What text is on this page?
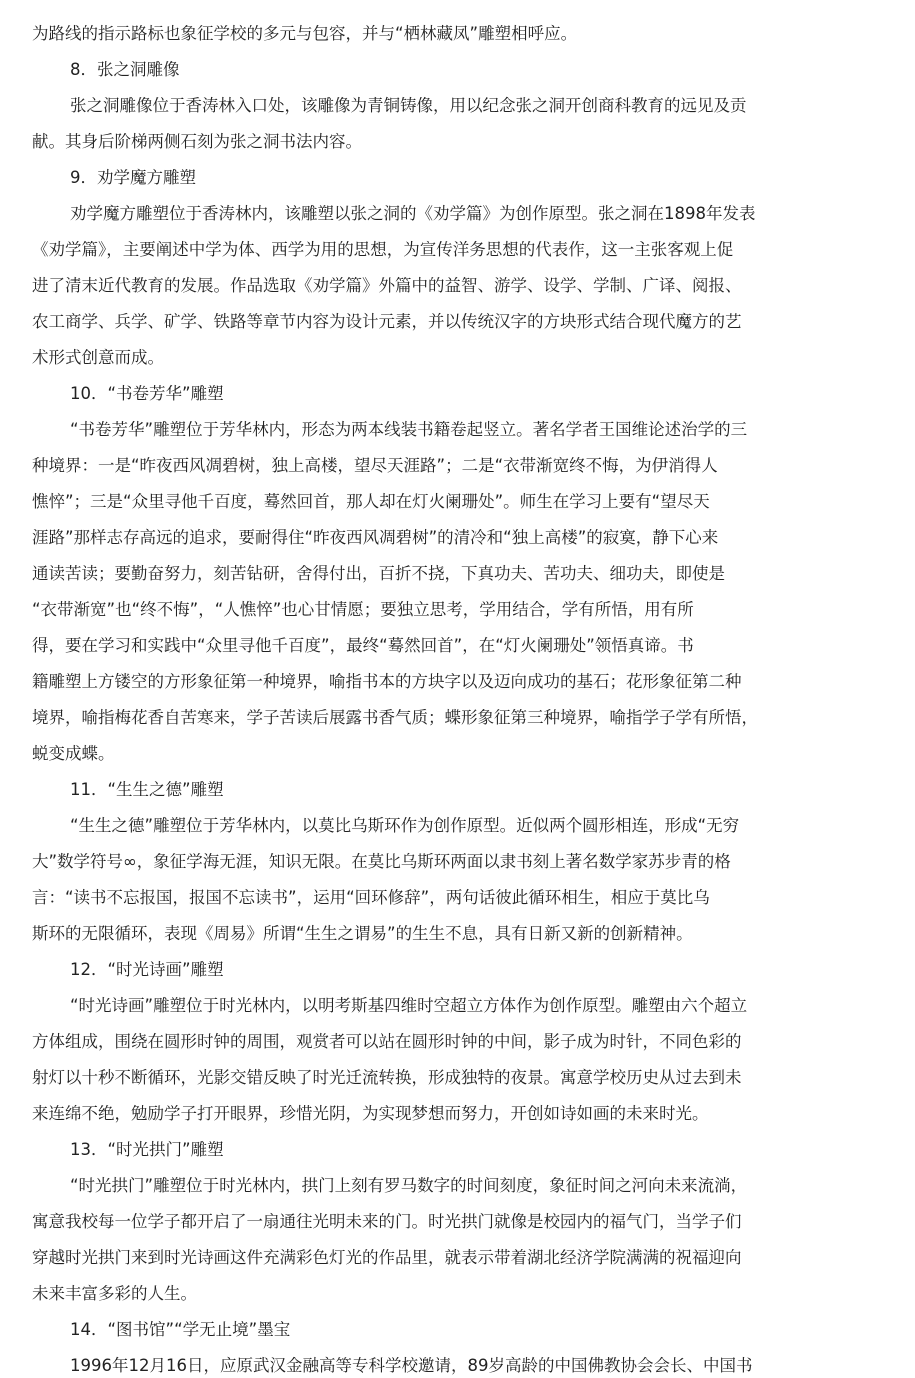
为路线的指示路标也象征学校的多元与包容，并与“栖林藏凤”雕塑相呼应。
8．张之洞雕像
张之洞雕像位于香涛林入口处，该雕像为青铜铸像，用以纪念张之洞开创商科教育的远见及贡
献。其身后阶梯两侧石刻为张之洞书法内容。
9．劝学魔方雕塑
劝学魔方雕塑位于香涛林内，该雕塑以张之洞的《劝学篇》为创作原型。张之洞在1898年发表
《劝学篇》，主要阐述中学为体、西学为用的思想，为宣传洋务思想的代表作，这一主张客观上促
进了清末近代教育的发展。作品选取《劝学篇》外篇中的益智、游学、设学、学制、广译、阅报、
农工商学、兵学、矿学、铁路等章节内容为设计元素，并以传统汉字的方块形式结合现代魔方的艺
术形式创意而成。
10．“书卷芳华”雕塑
“书卷芳华”雕塑位于芳华林内，形态为两本线装书籍卷起竖立。著名学者王国维论述治学的三
种境界：一是“昨夜西风凋碧树，独上高楼，望尽天涯路”；二是“衣带渐宽终不悔，为伊消得人
憔悴”；三是“众里寻他千百度，蓦然回首，那人却在灯火阑珊处”。师生在学习上要有“望尽天
涯路”那样志存高远的追求，要耐得住“昨夜西风凋碧树”的清冷和“独上高楼”的寂寞，静下心来
通读苦读；要勤奋努力，刻苦钻研，舍得付出，百折不挠，下真功夫、苦功夫、细功夫，即使是
“衣带渐宽”也“终不悔”，“人憔悴”也心甘情愿；要独立思考，学用结合，学有所悟，用有所
得，要在学习和实践中“众里寻他千百度”，最终“蓦然回首”，在“灯火阑珊处”领悟真谛。书
籍雕塑上方镂空的方形象征第一种境界，喻指书本的方块字以及迈向成功的基石；花形象征第二种
境界，喻指梅花香自苦寒来，学子苦读后展露书香气质；蝶形象征第三种境界，喻指学子学有所悟，
蜕变成蝶。
11．“生生之德”雕塑
“生生之德”雕塑位于芳华林内，以莫比乌斯环作为创作原型。近似两个圆形相连，形成“无穷
大”数学符号∞，象征学海无涯，知识无限。在莫比乌斯环两面以隶书刻上著名数学家苏步青的格
言：“读书不忘报国，报国不忘读书”，运用“回环修辞”，两句话彼此循环相生，相应于莫比乌
斯环的无限循环，表现《周易》所谓“生生之谓易”的生生不息，具有日新又新的创新精神。
12．“时光诗画”雕塑
“时光诗画”雕塑位于时光林内，以明考斯基四维时空超立方体作为创作原型。雕塑由六个超立
方体组成，围绕在圆形时钟的周围，观赏者可以站在圆形时钟的中间，影子成为时针，不同色彩的
射灯以十秒不断循环，光影交错反映了时光迁流转换，形成独特的夜景。寓意学校历史从过去到未
来连绵不绝，勉励学子打开眼界，珍惜光阴，为实现梦想而努力，开创如诗如画的未来时光。
13．“时光拱门”雕塑
“时光拱门”雕塑位于时光林内，拱门上刻有罗马数字的时间刻度，象征时间之河向未来流淌，
寓意我校每一位学子都开启了一扇通往光明未来的门。时光拱门就像是校园内的福气门，当学子们
穿越时光拱门来到时光诗画这件充满彩色灯光的作品里，就表示带着湖北经济学院满满的祝福迎向
未来丰富多彩的人生。
14．“图书馆”“学无止境”墨宝
1996年12月16日，应原武汉金融高等专科学校邀请，89岁高龄的中国佛教协会会长、中国书
